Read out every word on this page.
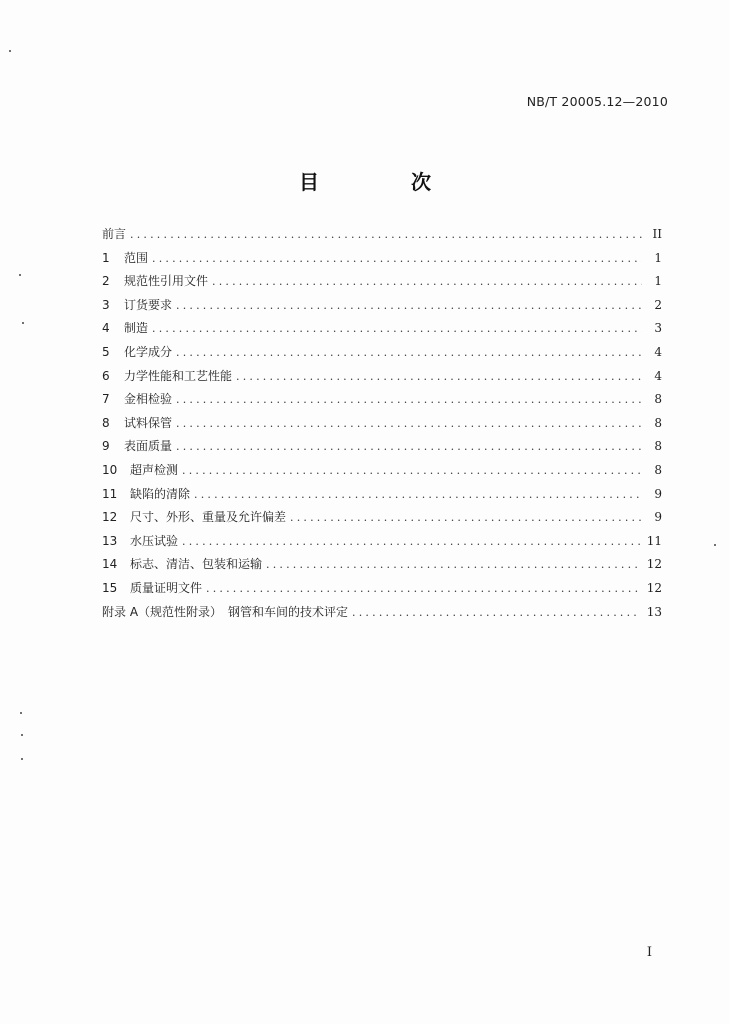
NB/T 20005.12—2010
目　次
前言 .....	II
1	范围 .....	1
2	规范性引用文件 .....	1
3	订货要求 .....	2
4	制造 .....	3
5	化学成分 .....	4
6	力学性能和工艺性能 .....	4
7	金相检验 .....	8
8	试料保管 .....	8
9	表面质量 .....	8
10	超声检测 .....	8
11	缺陷的清除 .....	9
12	尺寸、外形、重量及允许偏差 .....	9
13	水压试验 .....	11
14	标志、清洁、包装和运输 .....	12
15	质量证明文件 .....	12
附录 A（规范性附录）　钢管和车间的技术评定 .....	13
I
